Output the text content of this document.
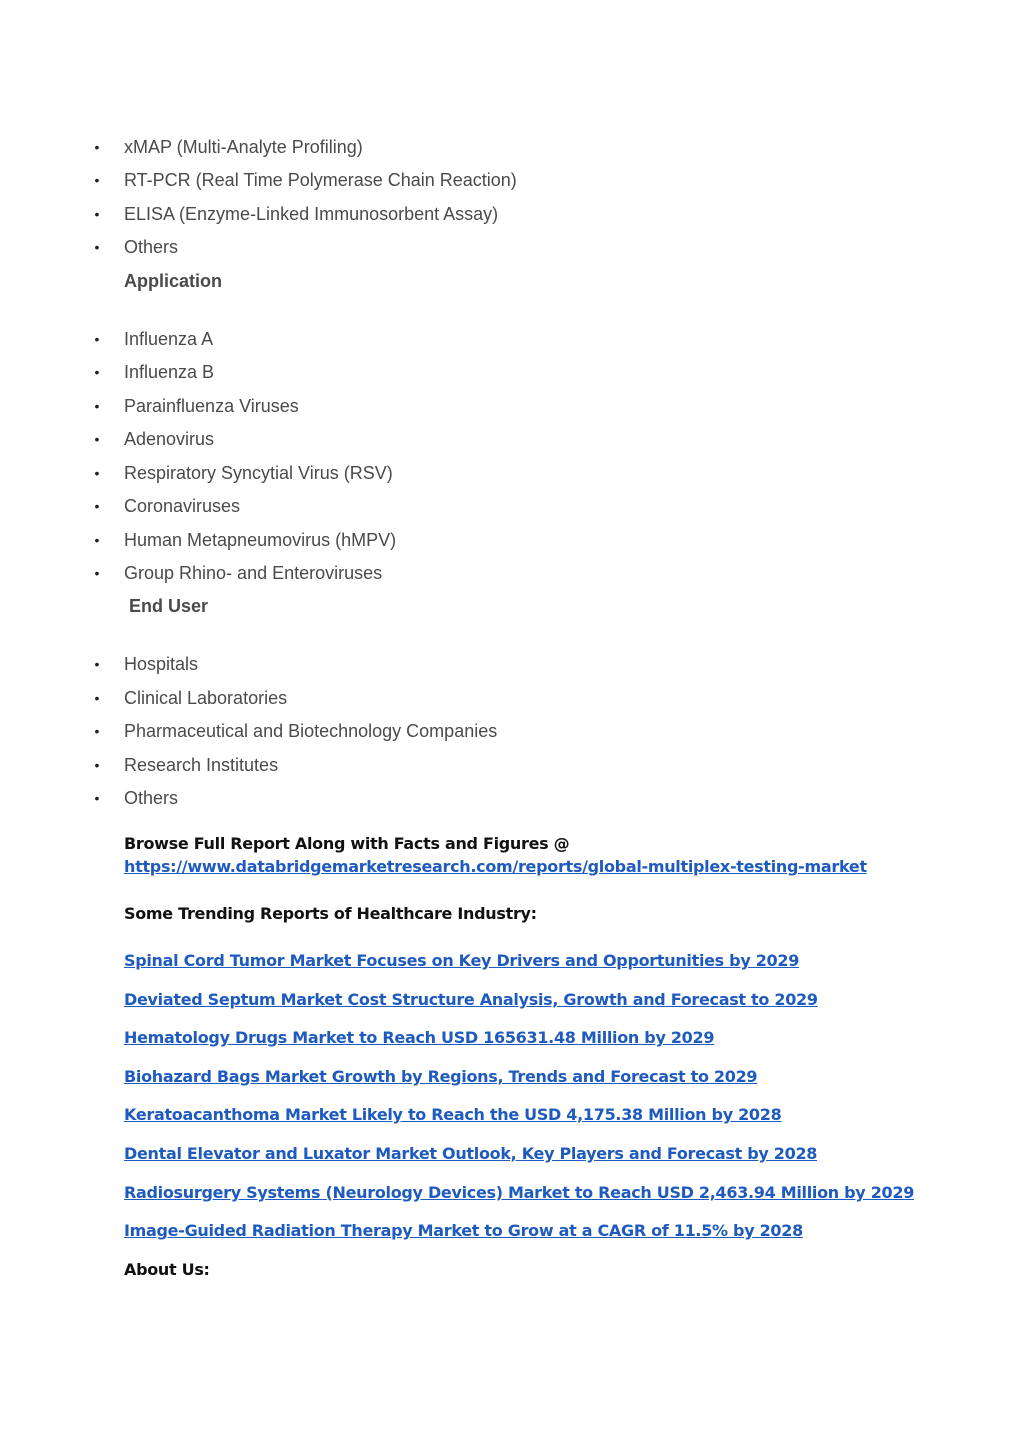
• xMAP (Multi-Analyte Profiling)
• RT-PCR (Real Time Polymerase Chain Reaction)
• ELISA (Enzyme-Linked Immunosorbent Assay)
• Others
Application
• Influenza A
• Influenza B
• Parainfluenza Viruses
• Adenovirus
• Respiratory Syncytial Virus (RSV)
• Coronaviruses
• Human Metapneumovirus (hMPV)
• Group Rhino- and Enteroviruses
End User
• Hospitals
• Clinical Laboratories
• Pharmaceutical and Biotechnology Companies
• Research Institutes
• Others
Browse Full Report Along with Facts and Figures @
https://www.databridgemarketresearch.com/reports/global-multiplex-testing-market
Some Trending Reports of Healthcare Industry:
Spinal Cord Tumor Market Focuses on Key Drivers and Opportunities by 2029
Deviated Septum Market Cost Structure Analysis, Growth and Forecast to 2029
Hematology Drugs Market to Reach USD 165631.48 Million by 2029
Biohazard Bags Market Growth by Regions, Trends and Forecast to 2029
Keratoacanthoma Market Likely to Reach the USD 4,175.38 Million by 2028
Dental Elevator and Luxator Market Outlook, Key Players and Forecast by 2028
Radiosurgery Systems (Neurology Devices) Market to Reach USD 2,463.94 Million by 2029
Image-Guided Radiation Therapy Market to Grow at a CAGR of 11.5% by 2028
About Us:
